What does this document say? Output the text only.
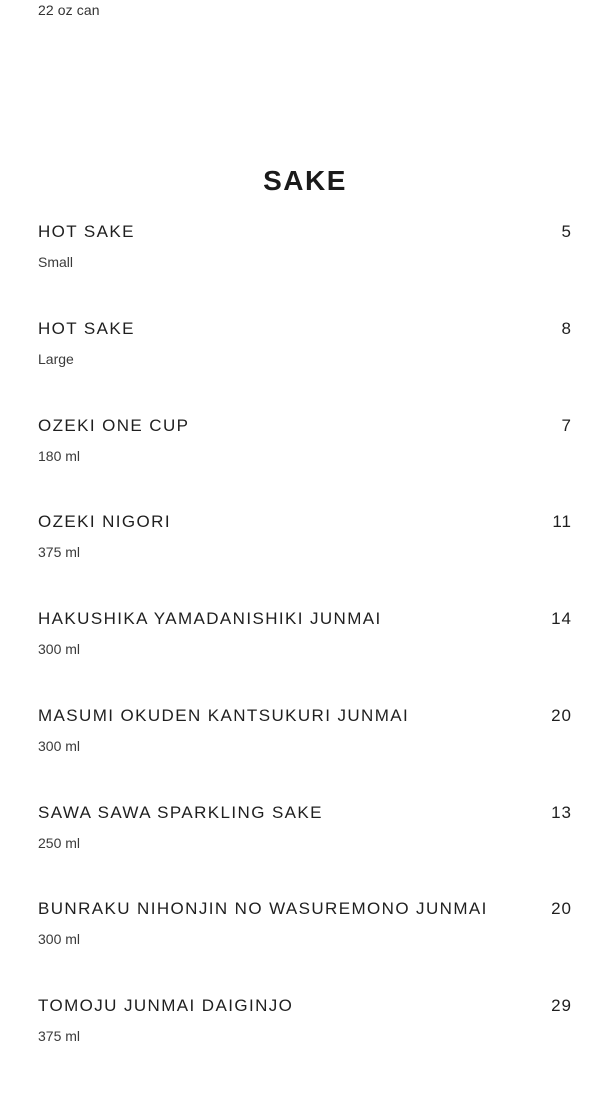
22 oz can
SAKE
HOT SAKE	5
Small
HOT SAKE	8
Large
OZEKI ONE CUP	7
180 ml
OZEKI NIGORI	11
375 ml
HAKUSHIKA YAMADANISHIKI JUNMAI	14
300 ml
MASUMI OKUDEN KANTSUKURI JUNMAI	20
300 ml
SAWA SAWA SPARKLING SAKE	13
250 ml
BUNRAKU NIHONJIN NO WASUREMONO JUNMAI	20
300 ml
TOMOJU JUNMAI DAIGINJO	29
375 ml
